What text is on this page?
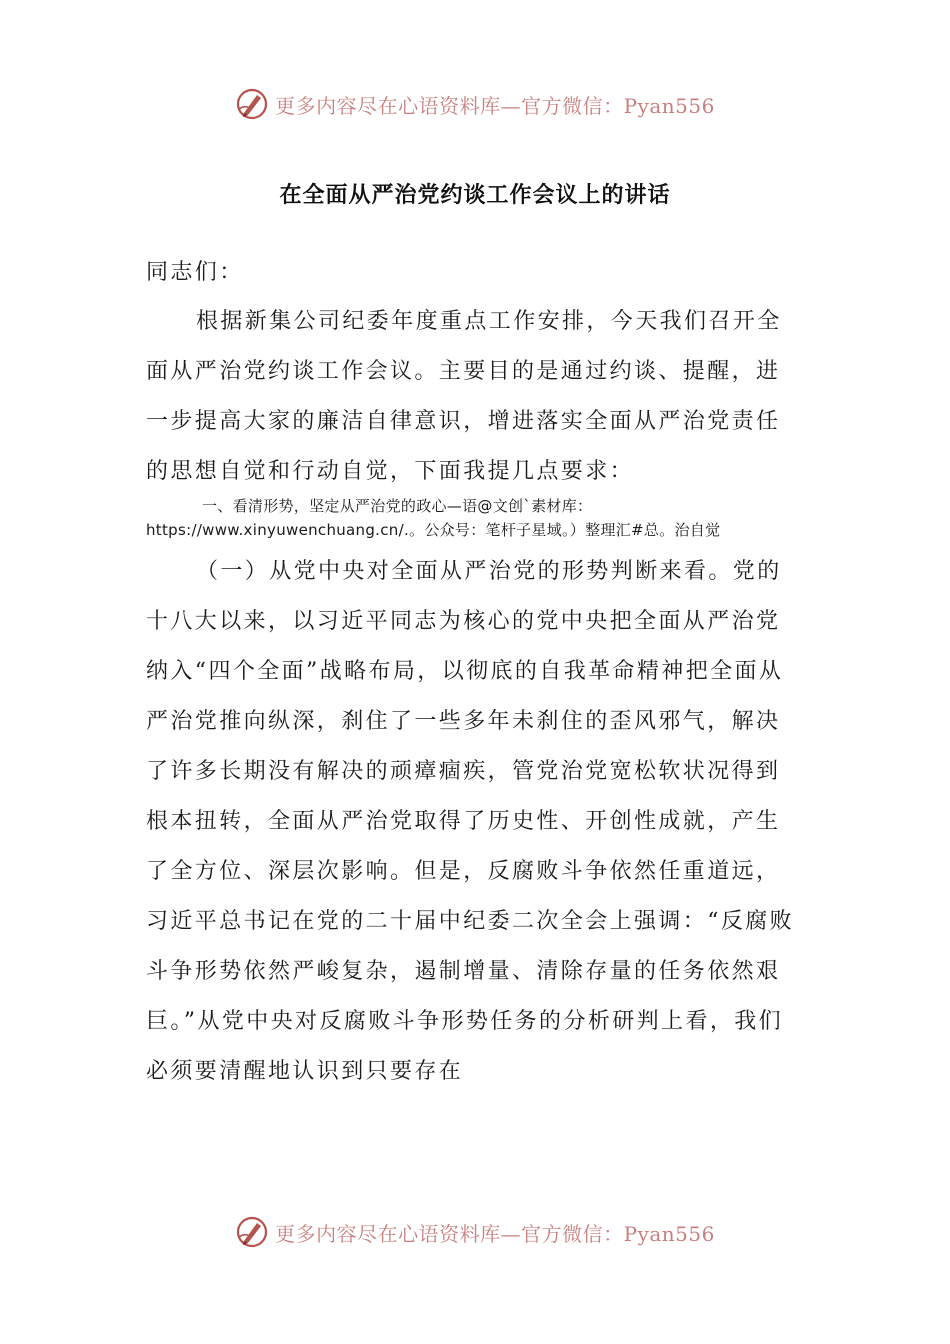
更多内容尽在心语资料库—官方微信：Pyan556
在全面从严治党约谈工作会议上的讲话

同志们：

根据新集公司纪委年度重点工作安排，今天我们召开全面从严治党约谈工作会议。主要目的是通过约谈、提醒，进一步提高大家的廉洁自律意识，增进落实全面从严治党责任的思想自觉和行动自觉，下面我提几点要求：

一、看清形势，坚定从严治党的政心—语@文创`素材库：https://www.xinyuwenchuang.cn/.。公众号：笔杆子星域。）整理汇#总。治自觉

（一）从党中央对全面从严治党的形势判断来看。党的十八大以来，以习近平同志为核心的党中央把全面从严治党纳入“四个全面”战略布局，以彻底的自我革命精神把全面从严治党推向纵深，刹住了一些多年未刹住的歪风邪气，解决了许多长期没有解决的顽瘴痼疾，管党治党宽松软状况得到根本扭转，全面从严治党取得了历史性、开创性成就，产生了全方位、深层次影响。但是，反腐败斗争依然任重道远，习近平总书记在党的二十届中纪委二次全会上强调：“反腐败斗争形势依然严峻复杂，遏制增量、清除存量的任务依然艰巨。”从党中央对反腐败斗争形势任务的分析研判上看，我们必须要清醒地认识到只要存在

更多内容尽在心语资料库—官方微信：Pyan556
